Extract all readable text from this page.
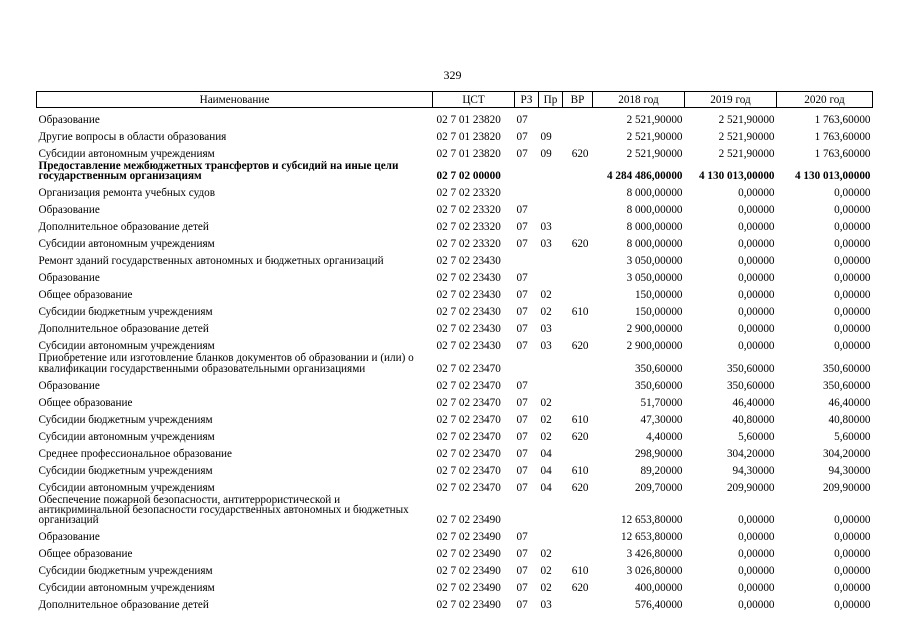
329
Наименование	ЦСТ	РЗ	Пр	ВР	2018 год	2019 год	2020 год
Образование	02 7 01 23820	07			2 521,90000	2 521,90000	1 763,60000
Другие вопросы в области образования	02 7 01 23820	07	09		2 521,90000	2 521,90000	1 763,60000
Субсидии автономным учреждениям	02 7 01 23820	07	09	620	2 521,90000	2 521,90000	1 763,60000
Предоставление межбюджетных трансфертов и субсидий на иные цели государственным организациям	02 7 02 00000				4 284 486,00000	4 130 013,00000	4 130 013,00000
Организация ремонта учебных судов	02 7 02 23320				8 000,00000	0,00000	0,00000
Образование	02 7 02 23320	07			8 000,00000	0,00000	0,00000
Дополнительное образование детей	02 7 02 23320	07	03		8 000,00000	0,00000	0,00000
Субсидии автономным учреждениям	02 7 02 23320	07	03	620	8 000,00000	0,00000	0,00000
Ремонт зданий государственных автономных и бюджетных организаций	02 7 02 23430				3 050,00000	0,00000	0,00000
Образование	02 7 02 23430	07			3 050,00000	0,00000	0,00000
Общее образование	02 7 02 23430	07	02		150,00000	0,00000	0,00000
Субсидии бюджетным учреждениям	02 7 02 23430	07	02	610	150,00000	0,00000	0,00000
Дополнительное образование детей	02 7 02 23430	07	03		2 900,00000	0,00000	0,00000
Субсидии автономным учреждениям	02 7 02 23430	07	03	620	2 900,00000	0,00000	0,00000
Приобретение или изготовление бланков документов об образовании и (или) о квалификации государственными образовательными организациями	02 7 02 23470				350,60000	350,60000	350,60000
Образование	02 7 02 23470	07			350,60000	350,60000	350,60000
Общее образование	02 7 02 23470	07	02		51,70000	46,40000	46,40000
Субсидии бюджетным учреждениям	02 7 02 23470	07	02	610	47,30000	40,80000	40,80000
Субсидии автономным учреждениям	02 7 02 23470	07	02	620	4,40000	5,60000	5,60000
Среднее профессиональное образование	02 7 02 23470	07	04		298,90000	304,20000	304,20000
Субсидии бюджетным учреждениям	02 7 02 23470	07	04	610	89,20000	94,30000	94,30000
Субсидии автономным учреждениям	02 7 02 23470	07	04	620	209,70000	209,90000	209,90000
Обеспечение пожарной безопасности, антитеррористической и антикриминальной безопасности государственных автономных и бюджетных организаций	02 7 02 23490				12 653,80000	0,00000	0,00000
Образование	02 7 02 23490	07			12 653,80000	0,00000	0,00000
Общее образование	02 7 02 23490	07	02		3 426,80000	0,00000	0,00000
Субсидии бюджетным учреждениям	02 7 02 23490	07	02	610	3 026,80000	0,00000	0,00000
Субсидии автономным учреждениям	02 7 02 23490	07	02	620	400,00000	0,00000	0,00000
Дополнительное образование детей	02 7 02 23490	07	03		576,40000	0,00000	0,00000
